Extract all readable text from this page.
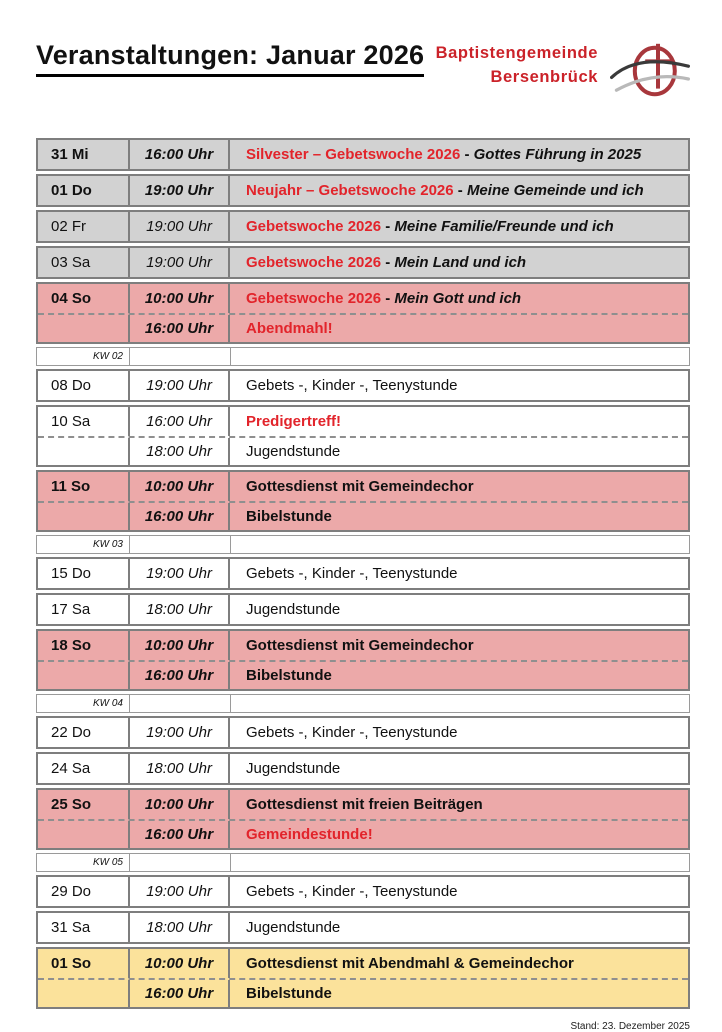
Veranstaltungen: Januar 2026 Baptistengemeinde
Bersenbrück
31 Mi	16:00 Uhr	Silvester – Gebetswoche 2026 - Gottes Führung in 2025
01 Do	19:00 Uhr	Neujahr – Gebetswoche 2026 - Meine Gemeinde und ich
02 Fr	19:00 Uhr	Gebetswoche 2026 - Meine Familie/Freunde und ich
03 Sa	19:00 Uhr	Gebetswoche 2026 - Mein Land und ich
04 So	10:00 Uhr	Gebetswoche 2026 - Mein Gott und ich
16:00 Uhr	Abendmahl!
KW 02
08 Do	19:00 Uhr	Gebets -, Kinder -, Teenystunde
10 Sa	16:00 Uhr	Predigertreff!
18:00 Uhr	Jugendstunde
11 So	10:00 Uhr	Gottesdienst mit Gemeindechor
16:00 Uhr	Bibelstunde
KW 03
15 Do	19:00 Uhr	Gebets -, Kinder -, Teenystunde
17 Sa	18:00 Uhr	Jugendstunde
18 So	10:00 Uhr	Gottesdienst mit Gemeindechor
16:00 Uhr	Bibelstunde
KW 04
22 Do	19:00 Uhr	Gebets -, Kinder -, Teenystunde
24 Sa	18:00 Uhr	Jugendstunde
25 So	10:00 Uhr	Gottesdienst mit freien Beiträgen
16:00 Uhr	Gemeindestunde!
KW 05
29 Do	19:00 Uhr	Gebets -, Kinder -, Teenystunde
31 Sa	18:00 Uhr	Jugendstunde
01 So	10:00 Uhr	Gottesdienst mit Abendmahl & Gemeindechor
16:00 Uhr	Bibelstunde
Stand: 23. Dezember 2025
